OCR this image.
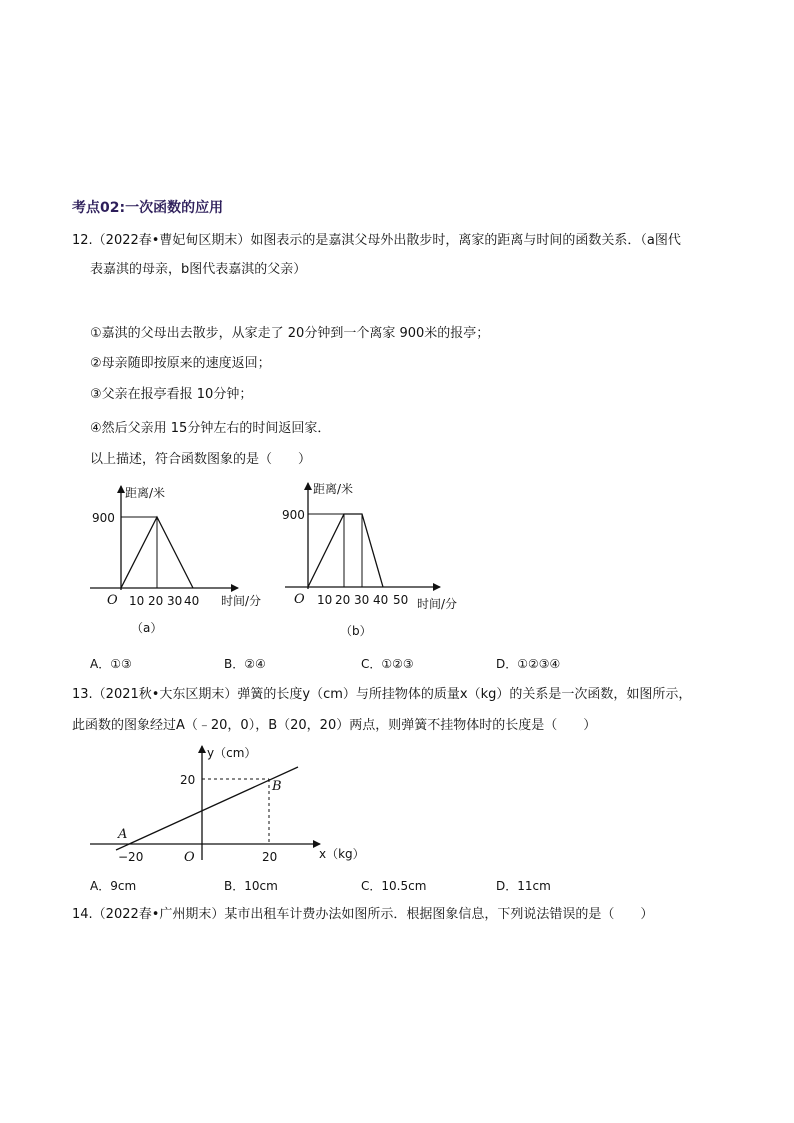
考点02:一次函数的应用
12.（2022春•曹妃甸区期末）如图表示的是嘉淇父母外出散步时，离家的距离与时间的函数关系．（a图代
表嘉淇的母亲，b图代表嘉淇的父亲）
①嘉淇的父母出去散步，从家走了 20分钟到一个离家 900米的报亭；
②母亲随即按原来的速度返回；
③父亲在报亭看报 10分钟；
④然后父亲用 15分钟左右的时间返回家．
以上描述，符合函数图象的是（　　）
距离/米
900
O 10 20 30 40 时间/分
（a）
距离/米
900
O 10 20 30 40 50 时间/分
（b）
A．①③	B．②④	C．①②③	D．①②③④
13.（2021秋•大东区期末）弹簧的长度y（cm）与所挂物体的质量x（kg）的关系是一次函数，如图所示，
此函数的图象经过A（﹣20，0），B（20，20）两点，则弹簧不挂物体时的长度是（　　）
y（cm）
20	B
A
−20	O	20	x（kg）
A．9cm	B．10cm	C．10.5cm	D．11cm
14.（2022春•广州期末）某市出租车计费办法如图所示．根据图象信息，下列说法错误的是（　　）
